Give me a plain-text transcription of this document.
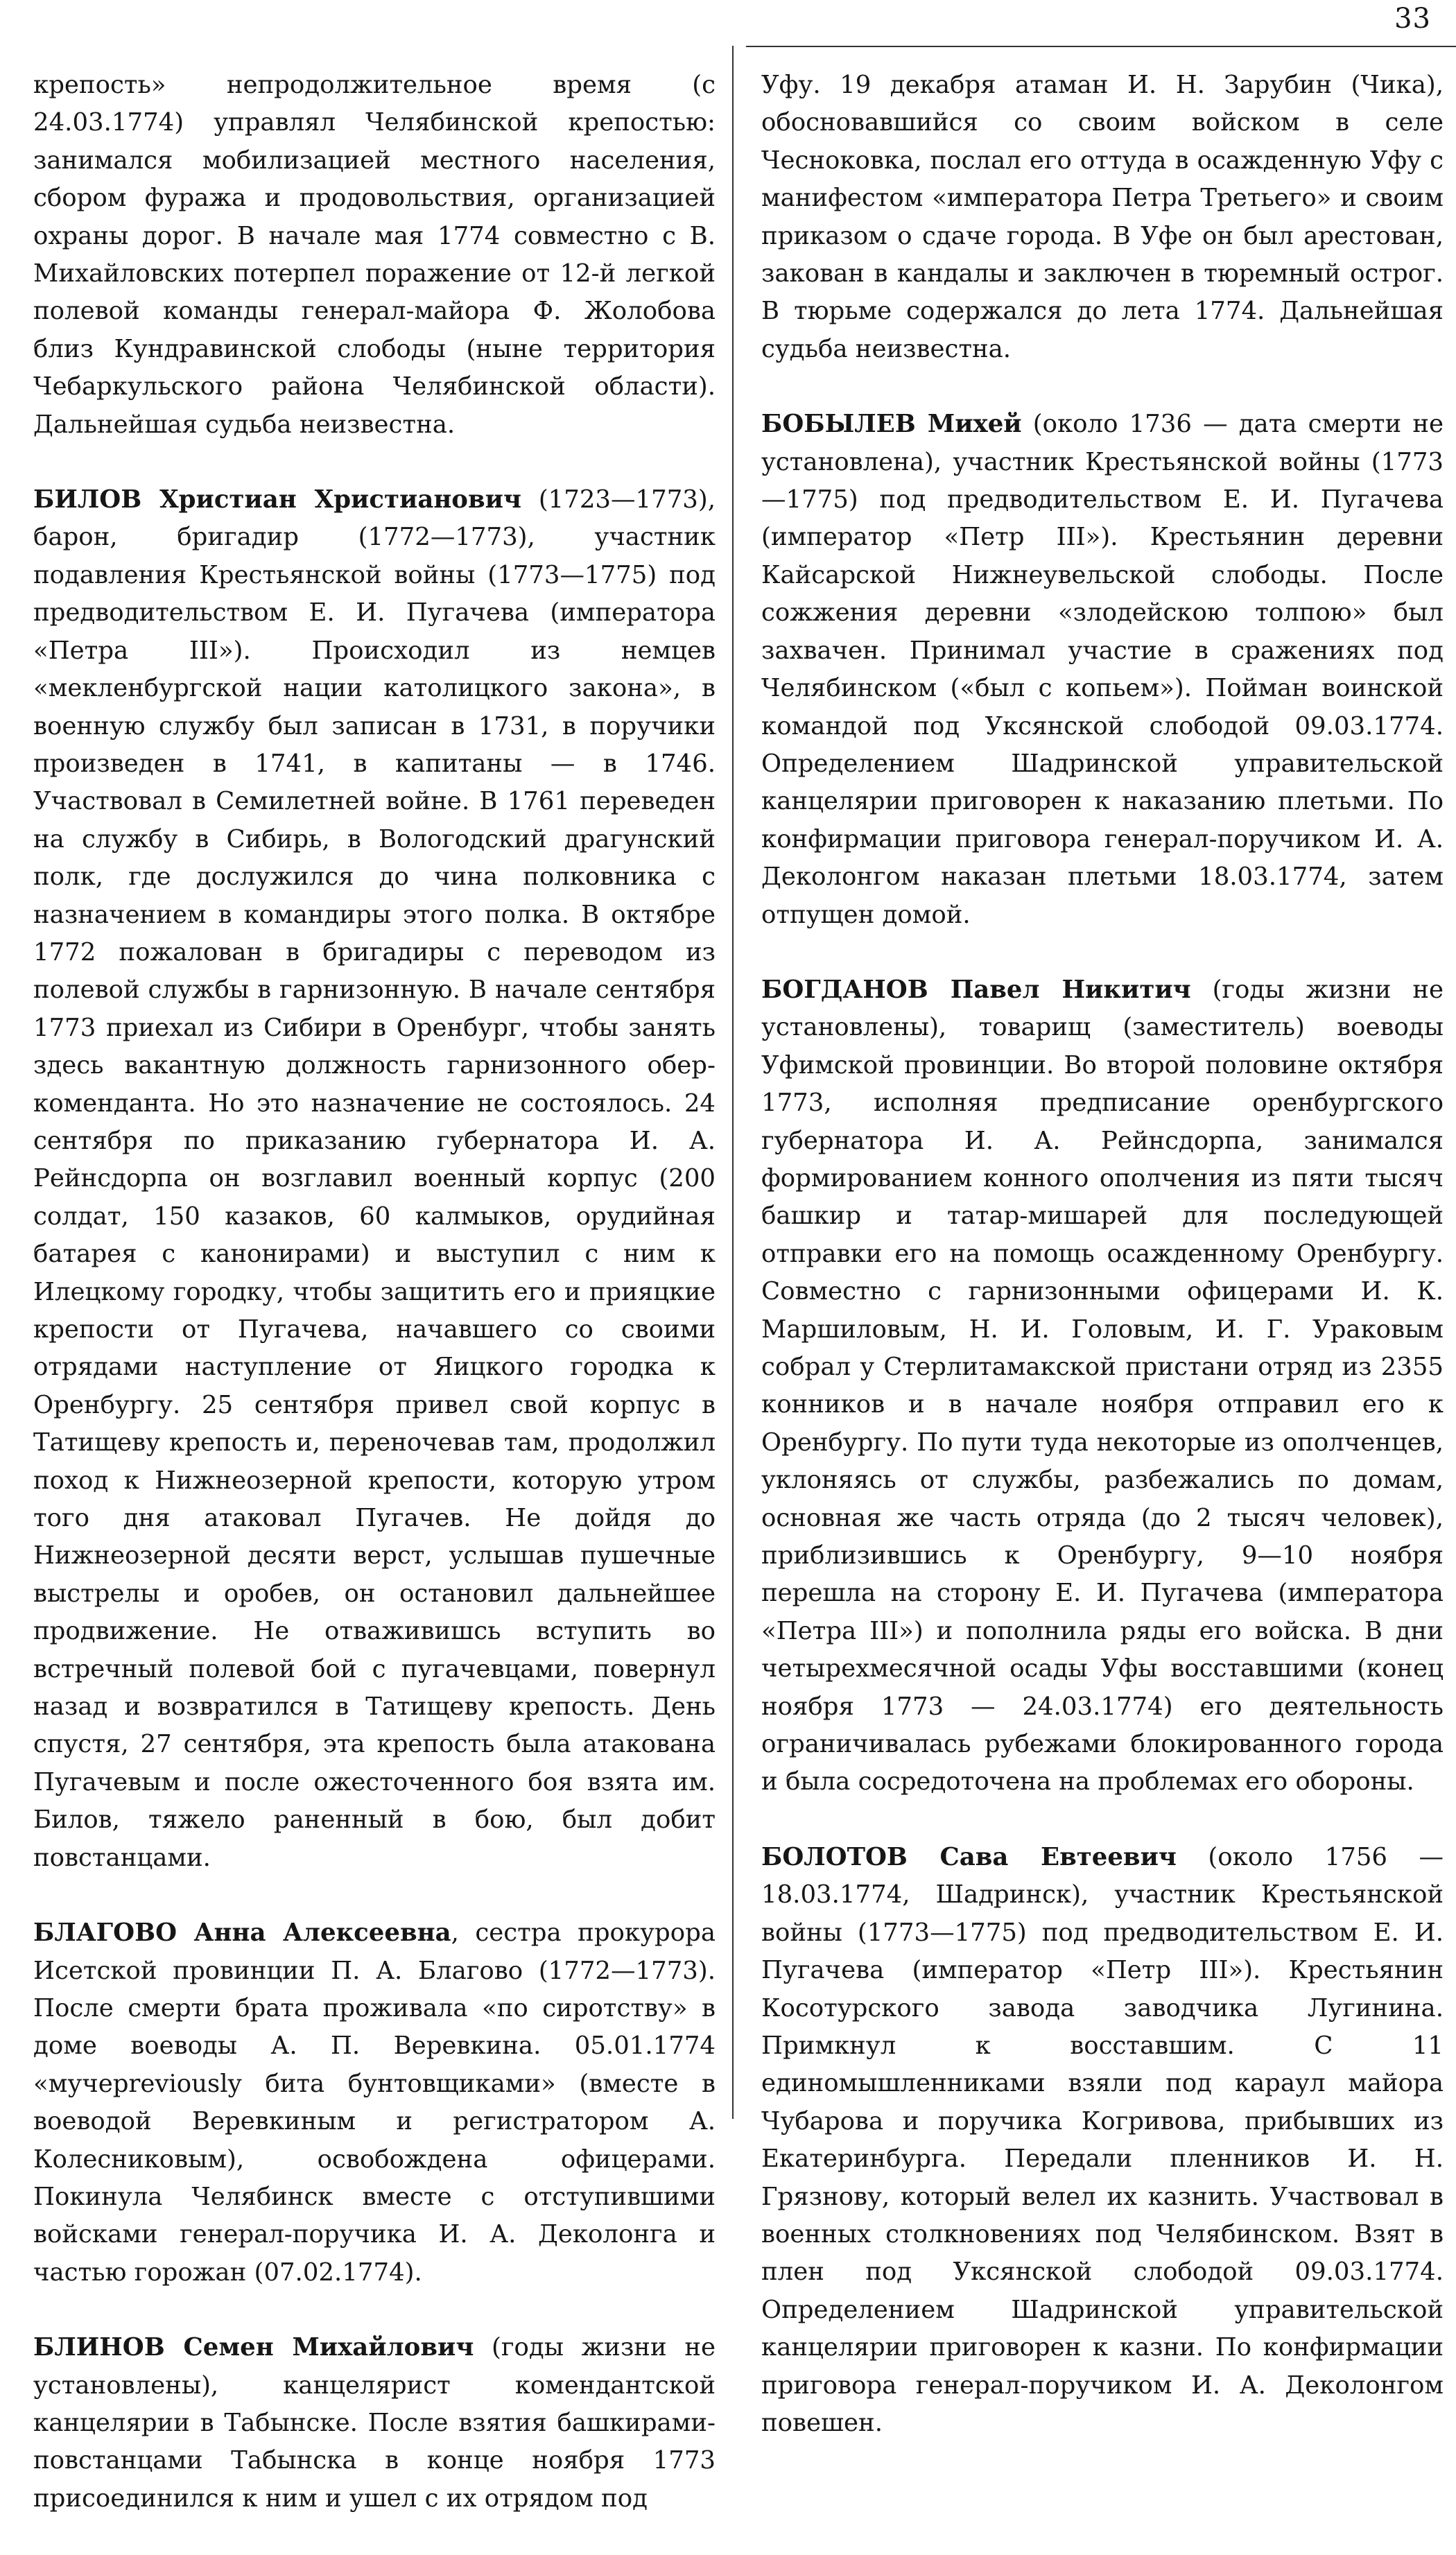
33

крепость» непродолжительное время (с 24.03.1774) управлял Челябинской крепостью: занимался мобилизацией местного населения, сбором фуража и продовольствия, организацией охраны дорог. В начале мая 1774 совместно с В. Михайловских потерпел поражение от 12-й легкой полевой команды генерал-майора Ф. Жолобова близ Кундравинской слободы (ныне территория Чебаркульского района Челябинской области). Дальнейшая судьба неизвестна.

БИЛОВ Христиан Христианович (1723—1773), барон, бригадир (1772—1773), участник подавления Крестьянской войны (1773—1775) под предводительством Е. И. Пугачева (императора «Петра III»). Происходил из немцев «мекленбургской нации католицкого закона», в военную службу был записан в 1731, в поручики произведен в 1741, в капитаны — в 1746. Участвовал в Семилетней войне. В 1761 переведен на службу в Сибирь, в Вологодский драгунский полк, где дослужился до чина полковника с назначением в командиры этого полка. В октябре 1772 пожалован в бригадиры с переводом из полевой службы в гарнизонную. В начале сентября 1773 приехал из Сибири в Оренбург, чтобы занять здесь вакантную должность гарнизонного обер-коменданта. Но это назначение не состоялось. 24 сентября по приказанию губернатора И. А. Рейнсдорпа он возглавил военный корпус (200 солдат, 150 казаков, 60 калмыков, орудийная батарея с канонирами) и выступил с ним к Илецкому городку, чтобы защитить его и прияцкие крепости от Пугачева, начавшего со своими отрядами наступление от Яицкого городка к Оренбургу. 25 сентября привел свой корпус в Татищеву крепость и, переночевав там, продолжил поход к Нижнеозерной крепости, которую утром того дня атаковал Пугачев. Не дойдя до Нижнеозерной десяти верст, услышав пушечные выстрелы и оробев, он остановил дальнейшее продвижение. Не отваживишсь вступить во встречный полевой бой с пугачевцами, повернул назад и возвратился в Татищеву крепость. День спустя, 27 сентября, эта крепость была атакована Пугачевым и после ожесточенного боя взята им. Билов, тяжело раненный в бою, был добит повстанцами.

БЛАГОВО Анна Алексеевна, сестра прокурора Исетской провинции П. А. Благово (1772—1773). После смерти брата проживала «по сиротству» в доме воеводы А. П. Веревкина. 05.01.1774 «мучеpreviously бита бунтовщиками» (вместе в воеводой Веревкиным и регистратором А. Колесниковым), освобождена офицерами. Покинула Челябинск вместе с отступившими войсками генерал-поручика И. А. Деколонга и частью горожан (07.02.1774).

БЛИНОВ Семен Михайлович (годы жизни не установлены), канцелярист комендантской канцелярии в Табынске. После взятия башкирами-повстанцами Табынска в конце ноября 1773 присоединился к ним и ушел с их отрядом под

Уфу. 19 декабря атаман И. Н. Зарубин (Чика), обосновавшийся со своим войском в селе Чесноковка, послал его оттуда в осажденную Уфу с манифестом «императора Петра Третьего» и своим приказом о сдаче города. В Уфе он был арестован, закован в кандалы и заключен в тюремный острог. В тюрьме содержался до лета 1774. Дальнейшая судьба неизвестна.

БОБЫЛЕВ Михей (около 1736 — дата смерти не установлена), участник Крестьянской войны (1773—1775) под предводительством Е. И. Пугачева (император «Петр III»). Крестьянин деревни Кайсарской Нижнеувельской слободы. После сожжения деревни «злодейскою толпою» был захвачен. Принимал участие в сражениях под Челябинском («был с копьем»). Пойман воинской командой под Уксянской слободой 09.03.1774. Определением Шадринской управительской канцелярии приговорен к наказанию плетьми. По конфирмации приговора генерал-поручиком И. А. Деколонгом наказан плетьми 18.03.1774, затем отпущен домой.

БОГДАНОВ Павел Никитич (годы жизни не установлены), товарищ (заместитель) воеводы Уфимской провинции. Во второй половине октября 1773, исполняя предписание оренбургского губернатора И. А. Рейнсдорпа, занимался формированием конного ополчения из пяти тысяч башкир и татар-мишарей для последующей отправки его на помощь осажденному Оренбургу. Совместно с гарнизонными офицерами И. К. Маршиловым, Н. И. Головым, И. Г. Ураковым собрал у Стерлитамакской пристани отряд из 2355 конников и в начале ноября отправил его к Оренбургу. По пути туда некоторые из ополченцев, уклоняясь от службы, разбежались по домам, основная же часть отряда (до 2 тысяч человек), приблизившись к Оренбургу, 9—10 ноября перешла на сторону Е. И. Пугачева (императора «Петра III») и пополнила ряды его войска. В дни четырехмесячной осады Уфы восставшими (конец ноября 1773 — 24.03.1774) его деятельность ограничивалась рубежами блокированного города и была сосредоточена на проблемах его обороны.

БОЛОТОВ Сава Евтеевич (около 1756 — 18.03.1774, Шадринск), участник Крестьянской войны (1773—1775) под предводительством Е. И. Пугачева (император «Петр III»). Крестьянин Косотурского завода заводчика Лугинина. Примкнул к восставшим. С 11 единомышленниками взяли под караул майора Чубарова и поручика Когривова, прибывших из Екатеринбурга. Передали пленников И. Н. Грязнову, который велел их казнить. Участвовал в военных столкновениях под Челябинском. Взят в плен под Уксянской слободой 09.03.1774. Определением Шадринской управительской канцелярии приговорен к казни. По конфирмации приговора генерал-поручиком И. А. Деколонгом повешен.
